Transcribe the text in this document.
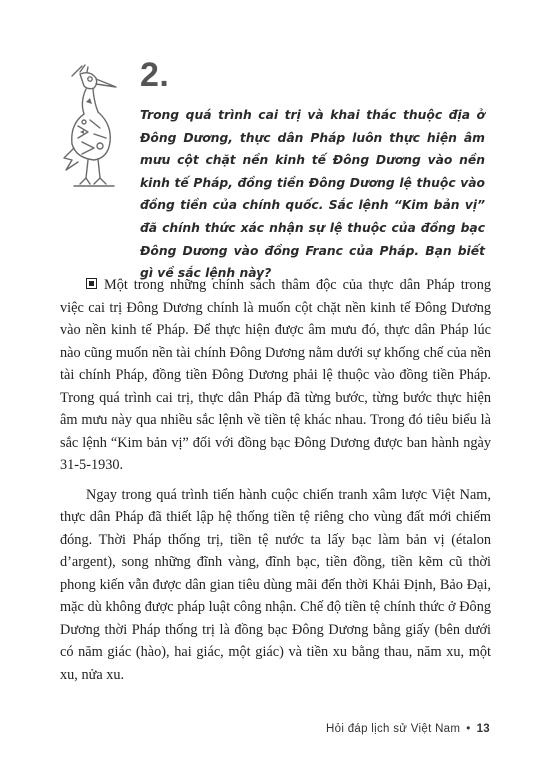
2.
Trong quá trình cai trị và khai thác thuộc địa ở Đông Dương, thực dân Pháp luôn thực hiện âm mưu cột chặt nền kinh tế Đông Dương vào nền kinh tế Pháp, đồng tiền Đông Dương lệ thuộc vào đồng tiền của chính quốc. Sắc lệnh “Kim bản vị” đã chính thức xác nhận sự lệ thuộc của đồng bạc Đông Dương vào đồng Franc của Pháp. Bạn biết gì về sắc lệnh này?

Một trong những chính sách thâm độc của thực dân Pháp trong việc cai trị Đông Dương chính là muốn cột chặt nền kinh tế Đông Dương vào nền kinh tế Pháp. Để thực hiện được âm mưu đó, thực dân Pháp lúc nào cũng muốn nền tài chính Đông Dương nằm dưới sự khống chế của nền tài chính Pháp, đồng tiền Đông Dương phải lệ thuộc vào đồng tiền Pháp. Trong quá trình cai trị, thực dân Pháp đã từng bước, từng bước thực hiện âm mưu này qua nhiều sắc lệnh về tiền tệ khác nhau. Trong đó tiêu biểu là sắc lệnh “Kim bản vị” đối với đồng bạc Đông Dương được ban hành ngày 31-5-1930.

Ngay trong quá trình tiến hành cuộc chiến tranh xâm lược Việt Nam, thực dân Pháp đã thiết lập hệ thống tiền tệ riêng cho vùng đất mới chiếm đóng. Thời Pháp thống trị, tiền tệ nước ta lấy bạc làm bản vị (étalon d’argent), song những đĩnh vàng, đĩnh bạc, tiền đồng, tiền kẽm cũ thời phong kiến vẫn được dân gian tiêu dùng mãi đến thời Khải Định, Bảo Đại, mặc dù không được pháp luật công nhận. Chế độ tiền tệ chính thức ở Đông Dương thời Pháp thống trị là đồng bạc Đông Dương bằng giấy (bên dưới có năm giác (hào), hai giác, một giác) và tiền xu bằng thau, năm xu, một xu, nửa xu.

Hỏi đáp lịch sử Việt Nam • 13
